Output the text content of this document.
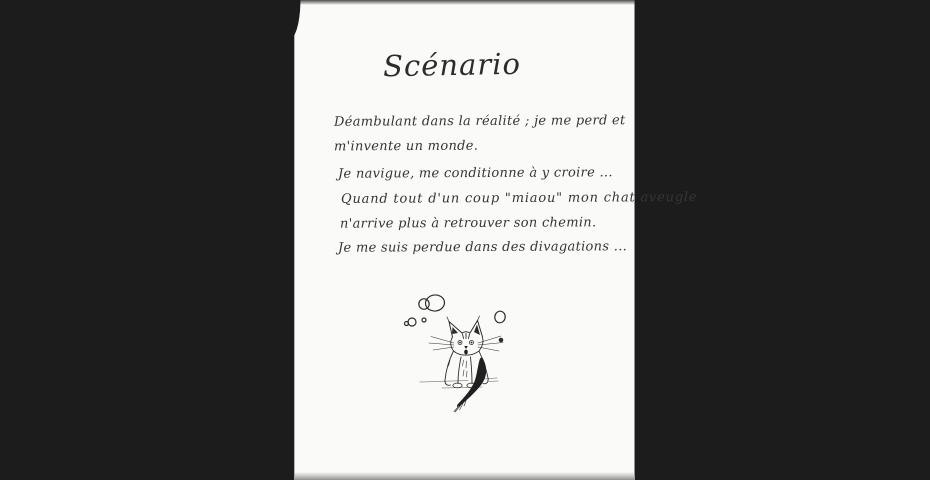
Scénario

Déambulant dans la réalité ; je me perd et

m'invente un monde.

Je navigue, me conditionne à y croire ...

Quand tout d'un coup "miaou" mon chat aveugle

n'arrive plus à retrouver son chemin.

Je me suis perdue dans des divagations ...
